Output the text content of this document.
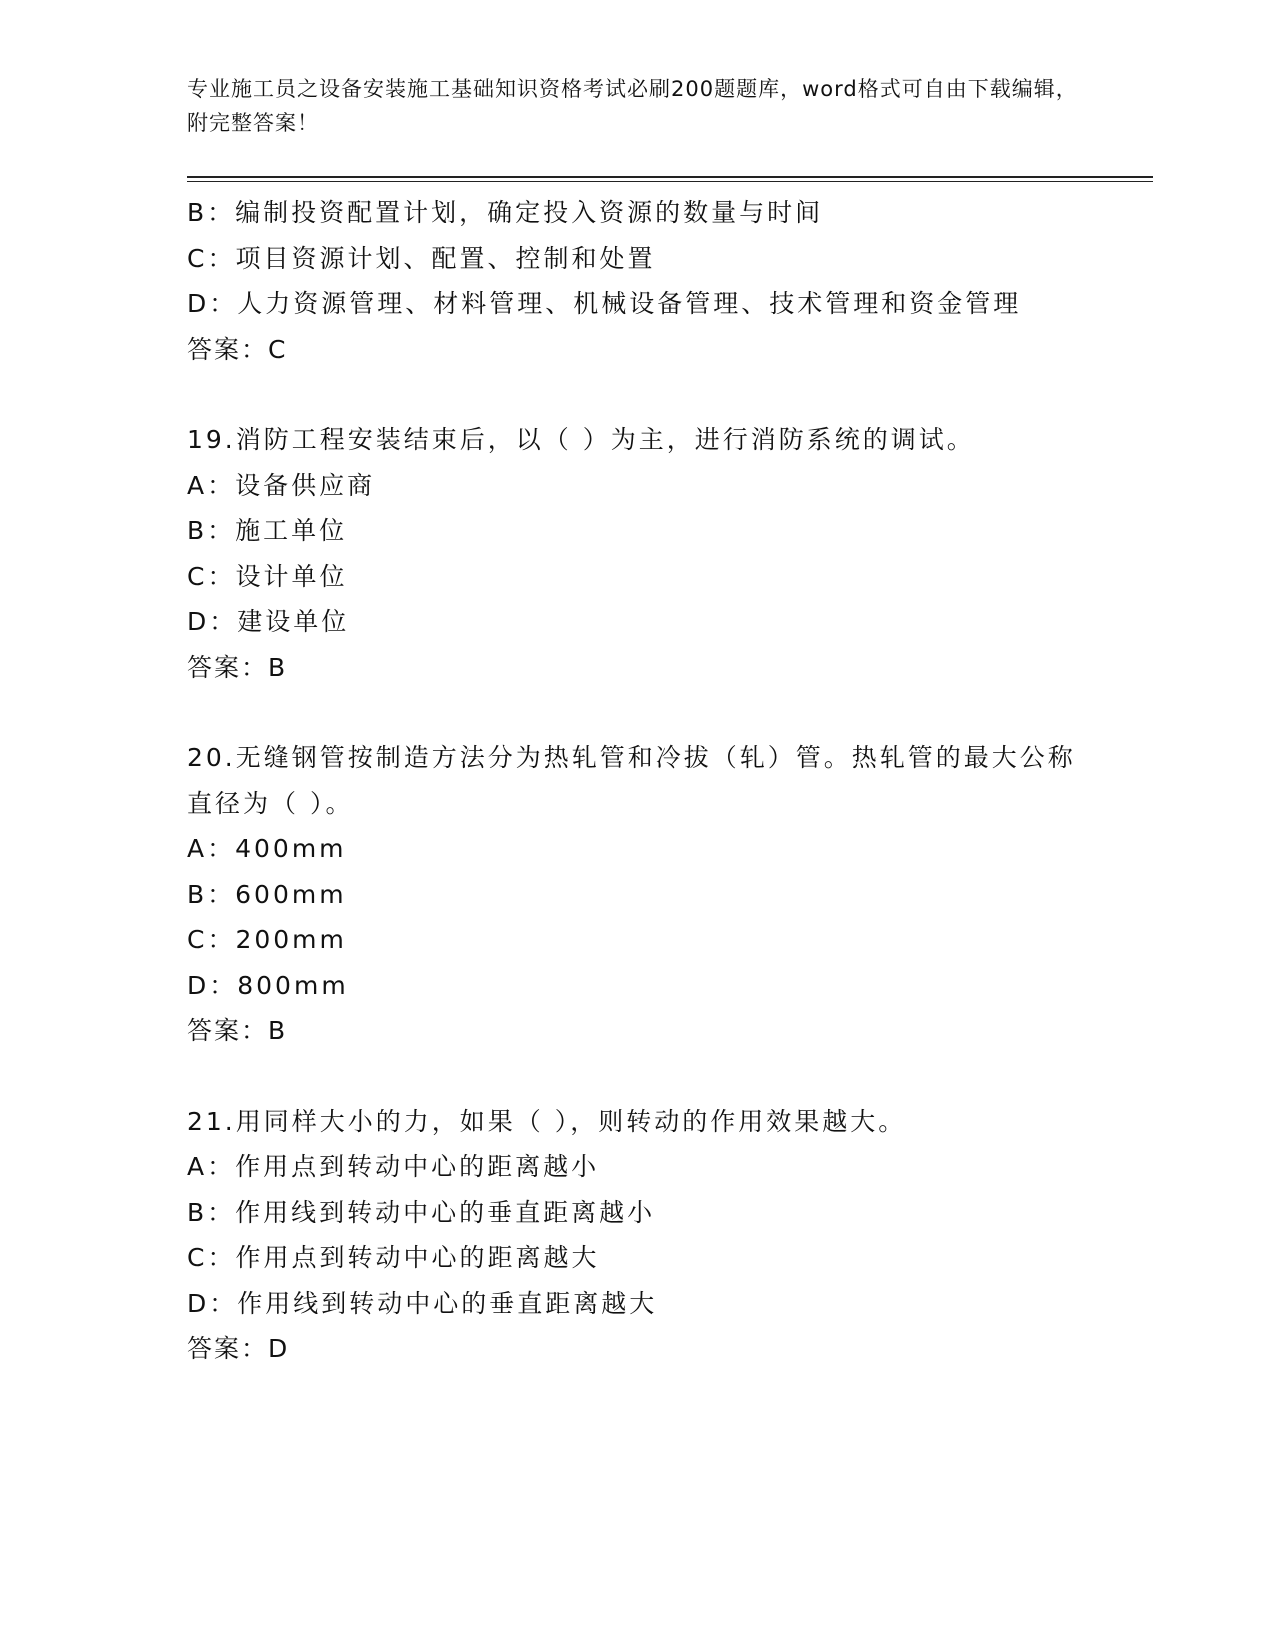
专业施工员之设备安装施工基础知识资格考试必刷200题题库，word格式可自由下载编辑，附完整答案！
B：编制投资配置计划，确定投入资源的数量与时间
C：项目资源计划、配置、控制和处置
D：人力资源管理、材料管理、机械设备管理、技术管理和资金管理
答案：C
19.消防工程安装结束后，以（ ）为主，进行消防系统的调试。
A：设备供应商
B：施工单位
C：设计单位
D：建设单位
答案：B
20.无缝钢管按制造方法分为热轧管和冷拔（轧）管。热轧管的最大公称直径为（ ）。
A：400mm
B：600mm
C：200mm
D：800mm
答案：B
21.用同样大小的力，如果（ ），则转动的作用效果越大。
A：作用点到转动中心的距离越小
B：作用线到转动中心的垂直距离越小
C：作用点到转动中心的距离越大
D：作用线到转动中心的垂直距离越大
答案：D
